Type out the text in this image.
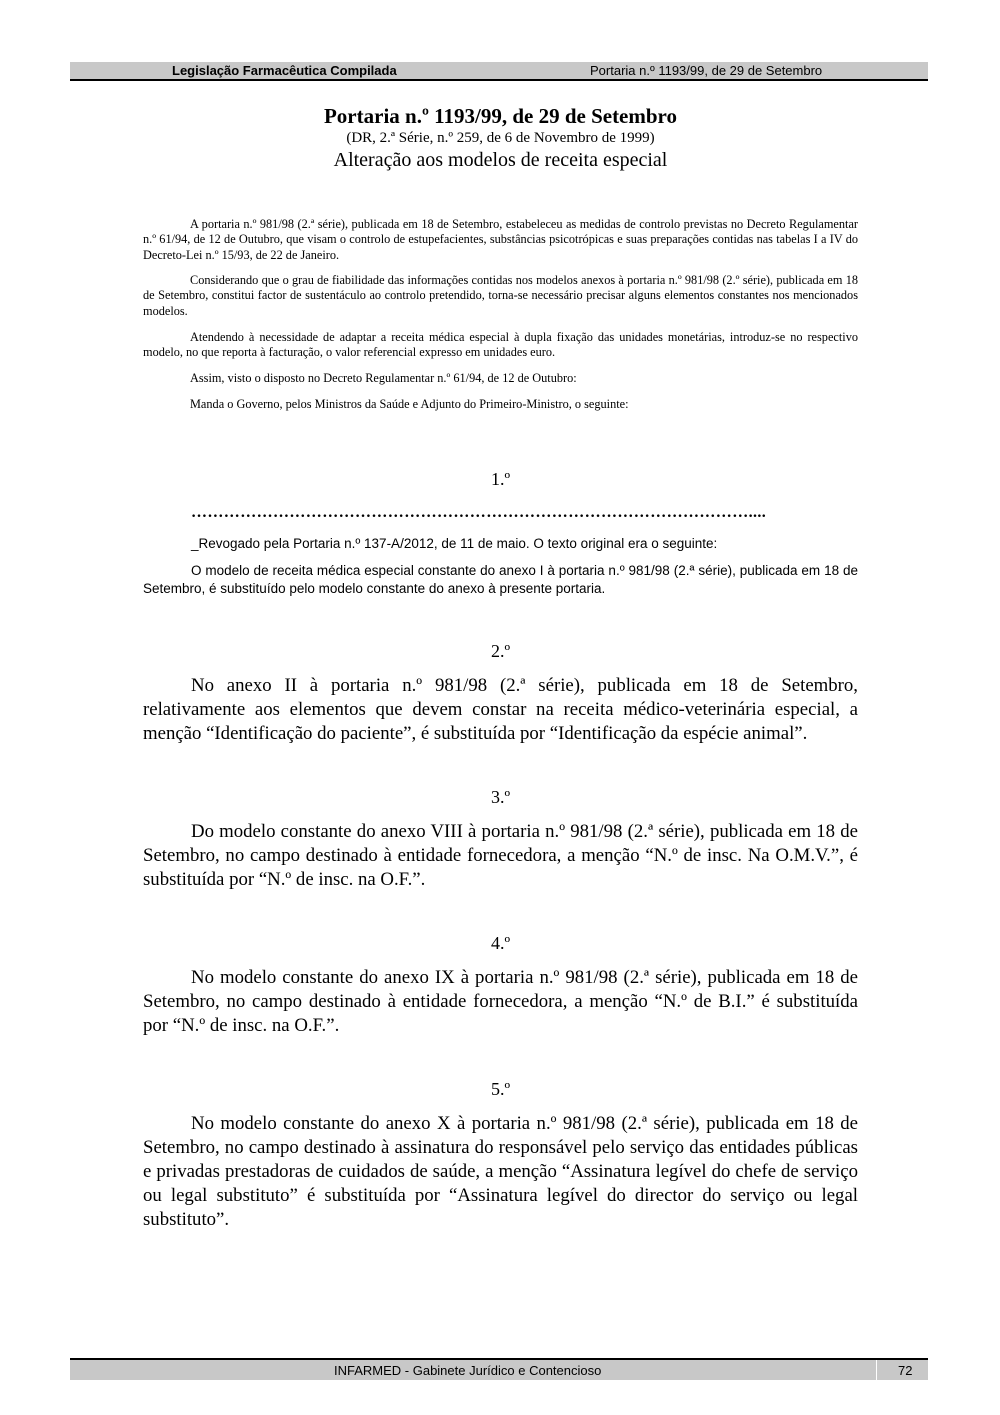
Legislação Farmacêutica Compilada	Portaria n.º 1193/99, de 29 de Setembro
Portaria n.º 1193/99, de 29 de Setembro
(DR, 2.ª Série, n.º 259, de 6 de Novembro de 1999)
Alteração aos modelos de receita especial

A portaria n.º 981/98 (2.ª série), publicada em 18 de Setembro, estabeleceu as medidas de controlo previstas no Decreto Regulamentar n.º 61/94, de 12 de Outubro, que visam o controlo de estupefacientes, substâncias psicotrópicas e suas preparações contidas nas tabelas I a IV do Decreto-Lei n.º 15/93, de 22 de Janeiro.

Considerando que o grau de fiabilidade das informações contidas nos modelos anexos à portaria n.º 981/98 (2.º série), publicada em 18 de Setembro, constitui factor de sustentáculo ao controlo pretendido, torna-se necessário precisar alguns elementos constantes nos mencionados modelos.

Atendendo à necessidade de adaptar a receita médica especial à dupla fixação das unidades monetárias, introduz-se no respectivo modelo, no que reporta à facturação, o valor referencial expresso em unidades euro.

Assim, visto o disposto no Decreto Regulamentar n.º 61/94, de 12 de Outubro:

Manda o Governo, pelos Ministros da Saúde e Adjunto do Primeiro-Ministro, o seguinte:

1.º
…………………………………………………………………………………………....
_Revogado pela Portaria n.º 137-A/2012, de 11 de maio. O texto original era o seguinte:

O modelo de receita médica especial constante do anexo I à portaria n.º 981/98 (2.ª série), publicada em 18 de Setembro, é substituído pelo modelo constante do anexo à presente portaria.

2.º

No anexo II à portaria n.º 981/98 (2.ª série), publicada em 18 de Setembro, relativamente aos elementos que devem constar na receita médico-veterinária especial, a menção “Identificação do paciente”, é substituída por “Identificação da espécie animal”.

3.º

Do modelo constante do anexo VIII à portaria n.º 981/98 (2.ª série), publicada em 18 de Setembro, no campo destinado à entidade fornecedora, a menção “N.º de insc. Na O.M.V.”, é substituída por “N.º de insc. na O.F.”.

4.º

No modelo constante do anexo IX à portaria n.º 981/98 (2.ª série), publicada em 18 de Setembro, no campo destinado à entidade fornecedora, a menção “N.º de B.I.” é substituída por “N.º de insc. na O.F.”.

5.º

No modelo constante do anexo X à portaria n.º 981/98 (2.ª série), publicada em 18 de Setembro, no campo destinado à assinatura do responsável pelo serviço das entidades públicas e privadas prestadoras de cuidados de saúde, a menção “Assinatura legível do chefe de serviço ou legal substituto” é substituída por “Assinatura legível do director do serviço ou legal substituto”.

INFARMED - Gabinete Jurídico e Contencioso	72
